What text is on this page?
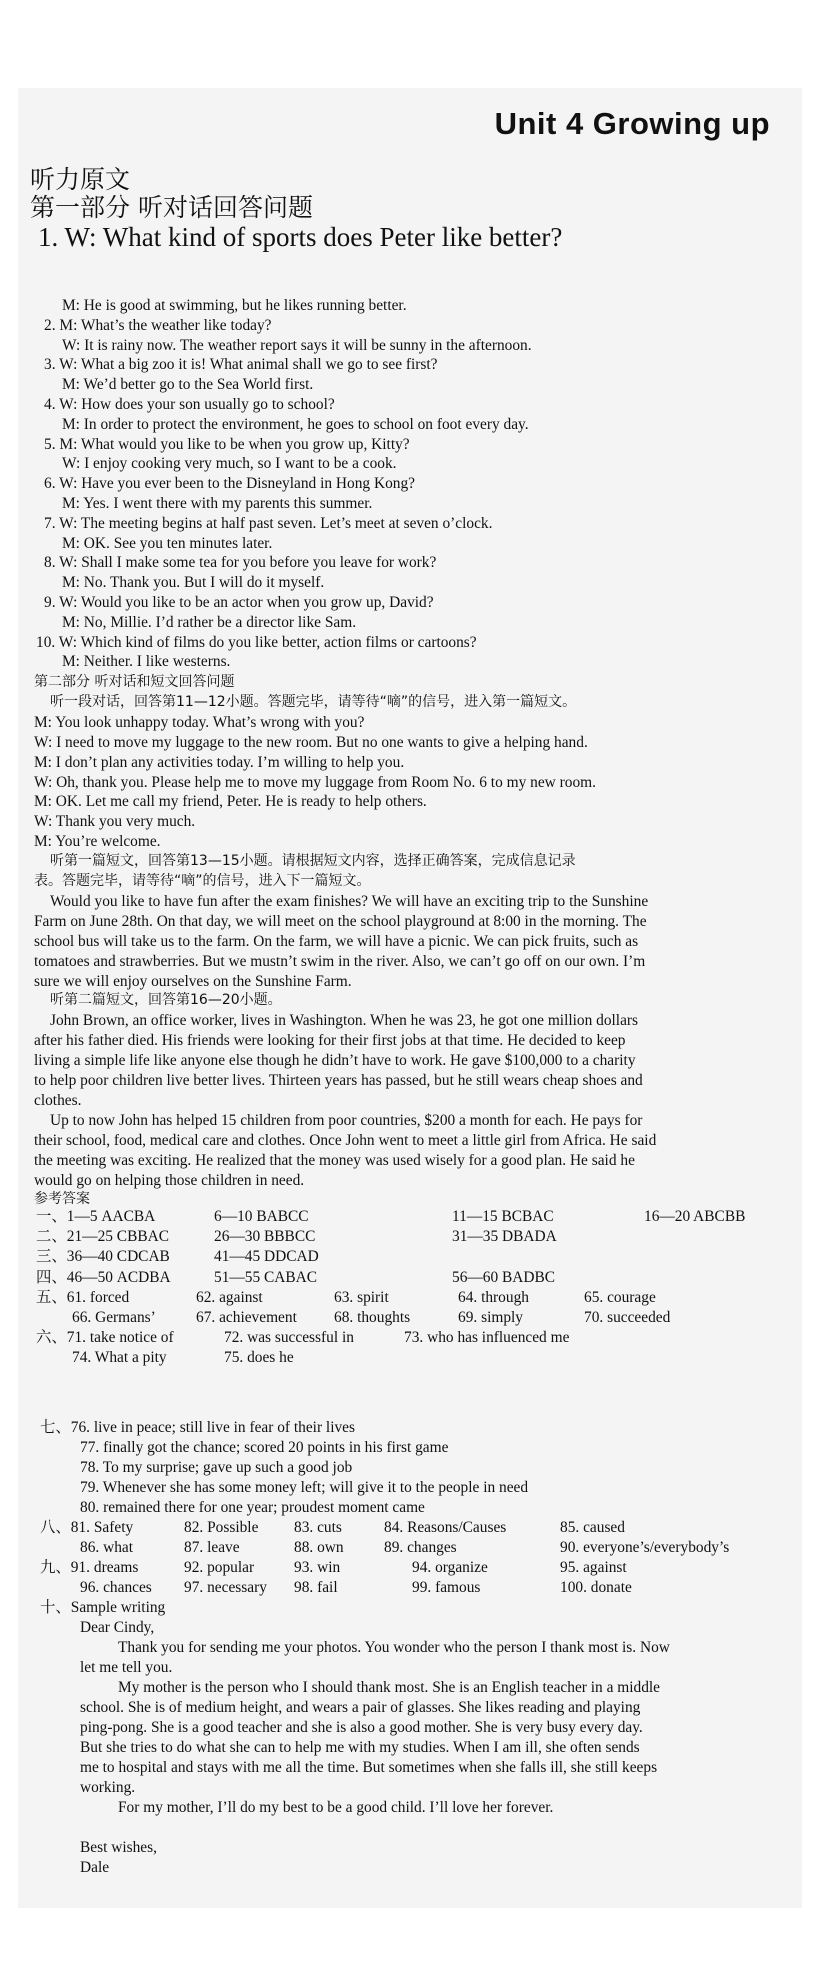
Unit 4 Growing up
听力原文
第一部分 听对话回答问题
1. W: What kind of sports does Peter like better?
M: He is good at swimming, but he likes running better.
2. M: What’s the weather like today?
W: It is rainy now. The weather report says it will be sunny in the afternoon.
3. W: What a big zoo it is! What animal shall we go to see first?
M: We’d better go to the Sea World first.
4. W: How does your son usually go to school?
M: In order to protect the environment, he goes to school on foot every day.
5. M: What would you like to be when you grow up, Kitty?
W: I enjoy cooking very much, so I want to be a cook.
6. W: Have you ever been to the Disneyland in Hong Kong?
M: Yes. I went there with my parents this summer.
7. W: The meeting begins at half past seven. Let’s meet at seven o’clock.
M: OK. See you ten minutes later.
8. W: Shall I make some tea for you before you leave for work?
M: No. Thank you. But I will do it myself.
9. W: Would you like to be an actor when you grow up, David?
M: No, Millie. I’d rather be a director like Sam.
10. W: Which kind of films do you like better, action films or cartoons?
M: Neither. I like westerns.
第二部分 听对话和短文回答问题
听一段对话，回答第11—12小题。答题完毕，请等待“嘀”的信号，进入第一篇短文。
M: You look unhappy today. What’s wrong with you?
W: I need to move my luggage to the new room. But no one wants to give a helping hand.
M: I don’t plan any activities today. I’m willing to help you.
W: Oh, thank you. Please help me to move my luggage from Room No. 6 to my new room.
M: OK. Let me call my friend, Peter. He is ready to help others.
W: Thank you very much.
M: You’re welcome.
听第一篇短文，回答第13—15小题。请根据短文内容，选择正确答案，完成信息记录
表。答题完毕，请等待“嘀”的信号，进入下一篇短文。
Would you like to have fun after the exam finishes? We will have an exciting trip to the Sunshine
Farm on June 28th. On that day, we will meet on the school playground at 8:00 in the morning. The
school bus will take us to the farm. On the farm, we will have a picnic. We can pick fruits, such as
tomatoes and strawberries. But we mustn’t swim in the river. Also, we can’t go off on our own. I’m
sure we will enjoy ourselves on the Sunshine Farm.
听第二篇短文，回答第16—20小题。
John Brown, an office worker, lives in Washington. When he was 23, he got one million dollars
after his father died. His friends were looking for their first jobs at that time. He decided to keep
living a simple life like anyone else though he didn’t have to work. He gave $100,000 to a charity
to help poor children live better lives. Thirteen years has passed, but he still wears cheap shoes and
clothes.
Up to now John has helped 15 children from poor countries, $200 a month for each. He pays for
their school, food, medical care and clothes. Once John went to meet a little girl from Africa. He said
the meeting was exciting. He realized that the money was used wisely for a good plan. He said he
would go on helping those children in need.
参考答案
一、1—5 AACBA	6—10 BABCC	11—15 BCBAC	16—20 ABCBB
二、21—25 CBBAC	26—30 BBBCC	31—35 DBADA
三、36—40 CDCAB	41—45 DDCAD
四、46—50 ACDBA	51—55 CABAC	56—60 BADBC
五、61. forced	62. against	63. spirit	64. through	65. courage
66. Germans’	67. achievement 68. thoughts	69. simply	70. succeeded
六、71. take notice of	72. was successful in	73. who has influenced me
74. What a pity	75. does he
七、76. live in peace; still live in fear of their lives
77. finally got the chance; scored 20 points in his first game
78. To my surprise; gave up such a good job
79. Whenever she has some money left; will give it to the people in need
80. remained there for one year; proudest moment came
八、81. Safety	82. Possible 83. cuts	84. Reasons/Causes	85. caused
86. what	87. leave	88. own	89. changes	90. everyone’s/everybody’s
九、91. dreams	92. popular	93. win	94. organize	95. against
96. chances 97. necessary 98. fail	99. famous	100. donate
十、Sample writing
Dear Cindy,
Thank you for sending me your photos. You wonder who the person I thank most is. Now
let me tell you.
My mother is the person who I should thank most. She is an English teacher in a middle
school. She is of medium height, and wears a pair of glasses. She likes reading and playing
ping-pong. She is a good teacher and she is also a good mother. She is very busy every day.
But she tries to do what she can to help me with my studies. When I am ill, she often sends
me to hospital and stays with me all the time. But sometimes when she falls ill, she still keeps
working.
For my mother, I’ll do my best to be a good child. I’ll love her forever.
Best wishes,
Dale
